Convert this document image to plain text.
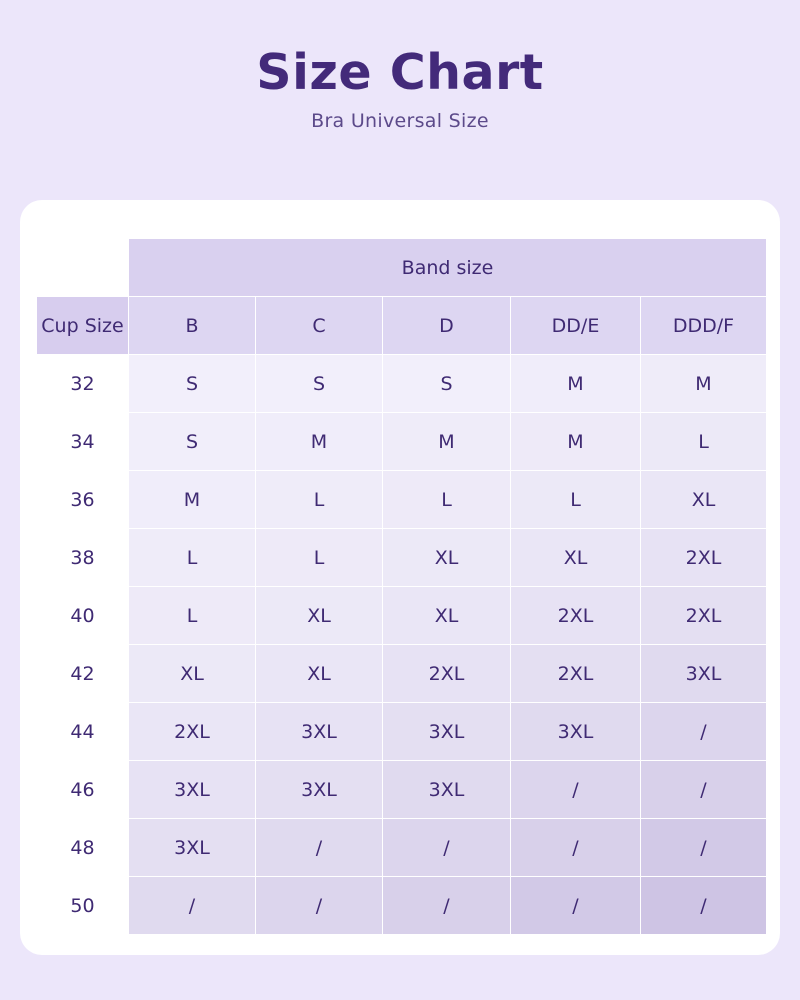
Size Chart
Bra Universal Size
	Band size				
Cup Size	B	C	D	DD/E	DDD/F
32	S	S	S	M	M
34	S	M	M	M	L
36	M	L	L	L	XL
38	L	L	XL	XL	2XL
40	L	XL	XL	2XL	2XL
42	XL	XL	2XL	2XL	3XL
44	2XL	3XL	3XL	3XL	/
46	3XL	3XL	3XL	/	/
48	3XL	/	/	/	/
50	/	/	/	/	/
